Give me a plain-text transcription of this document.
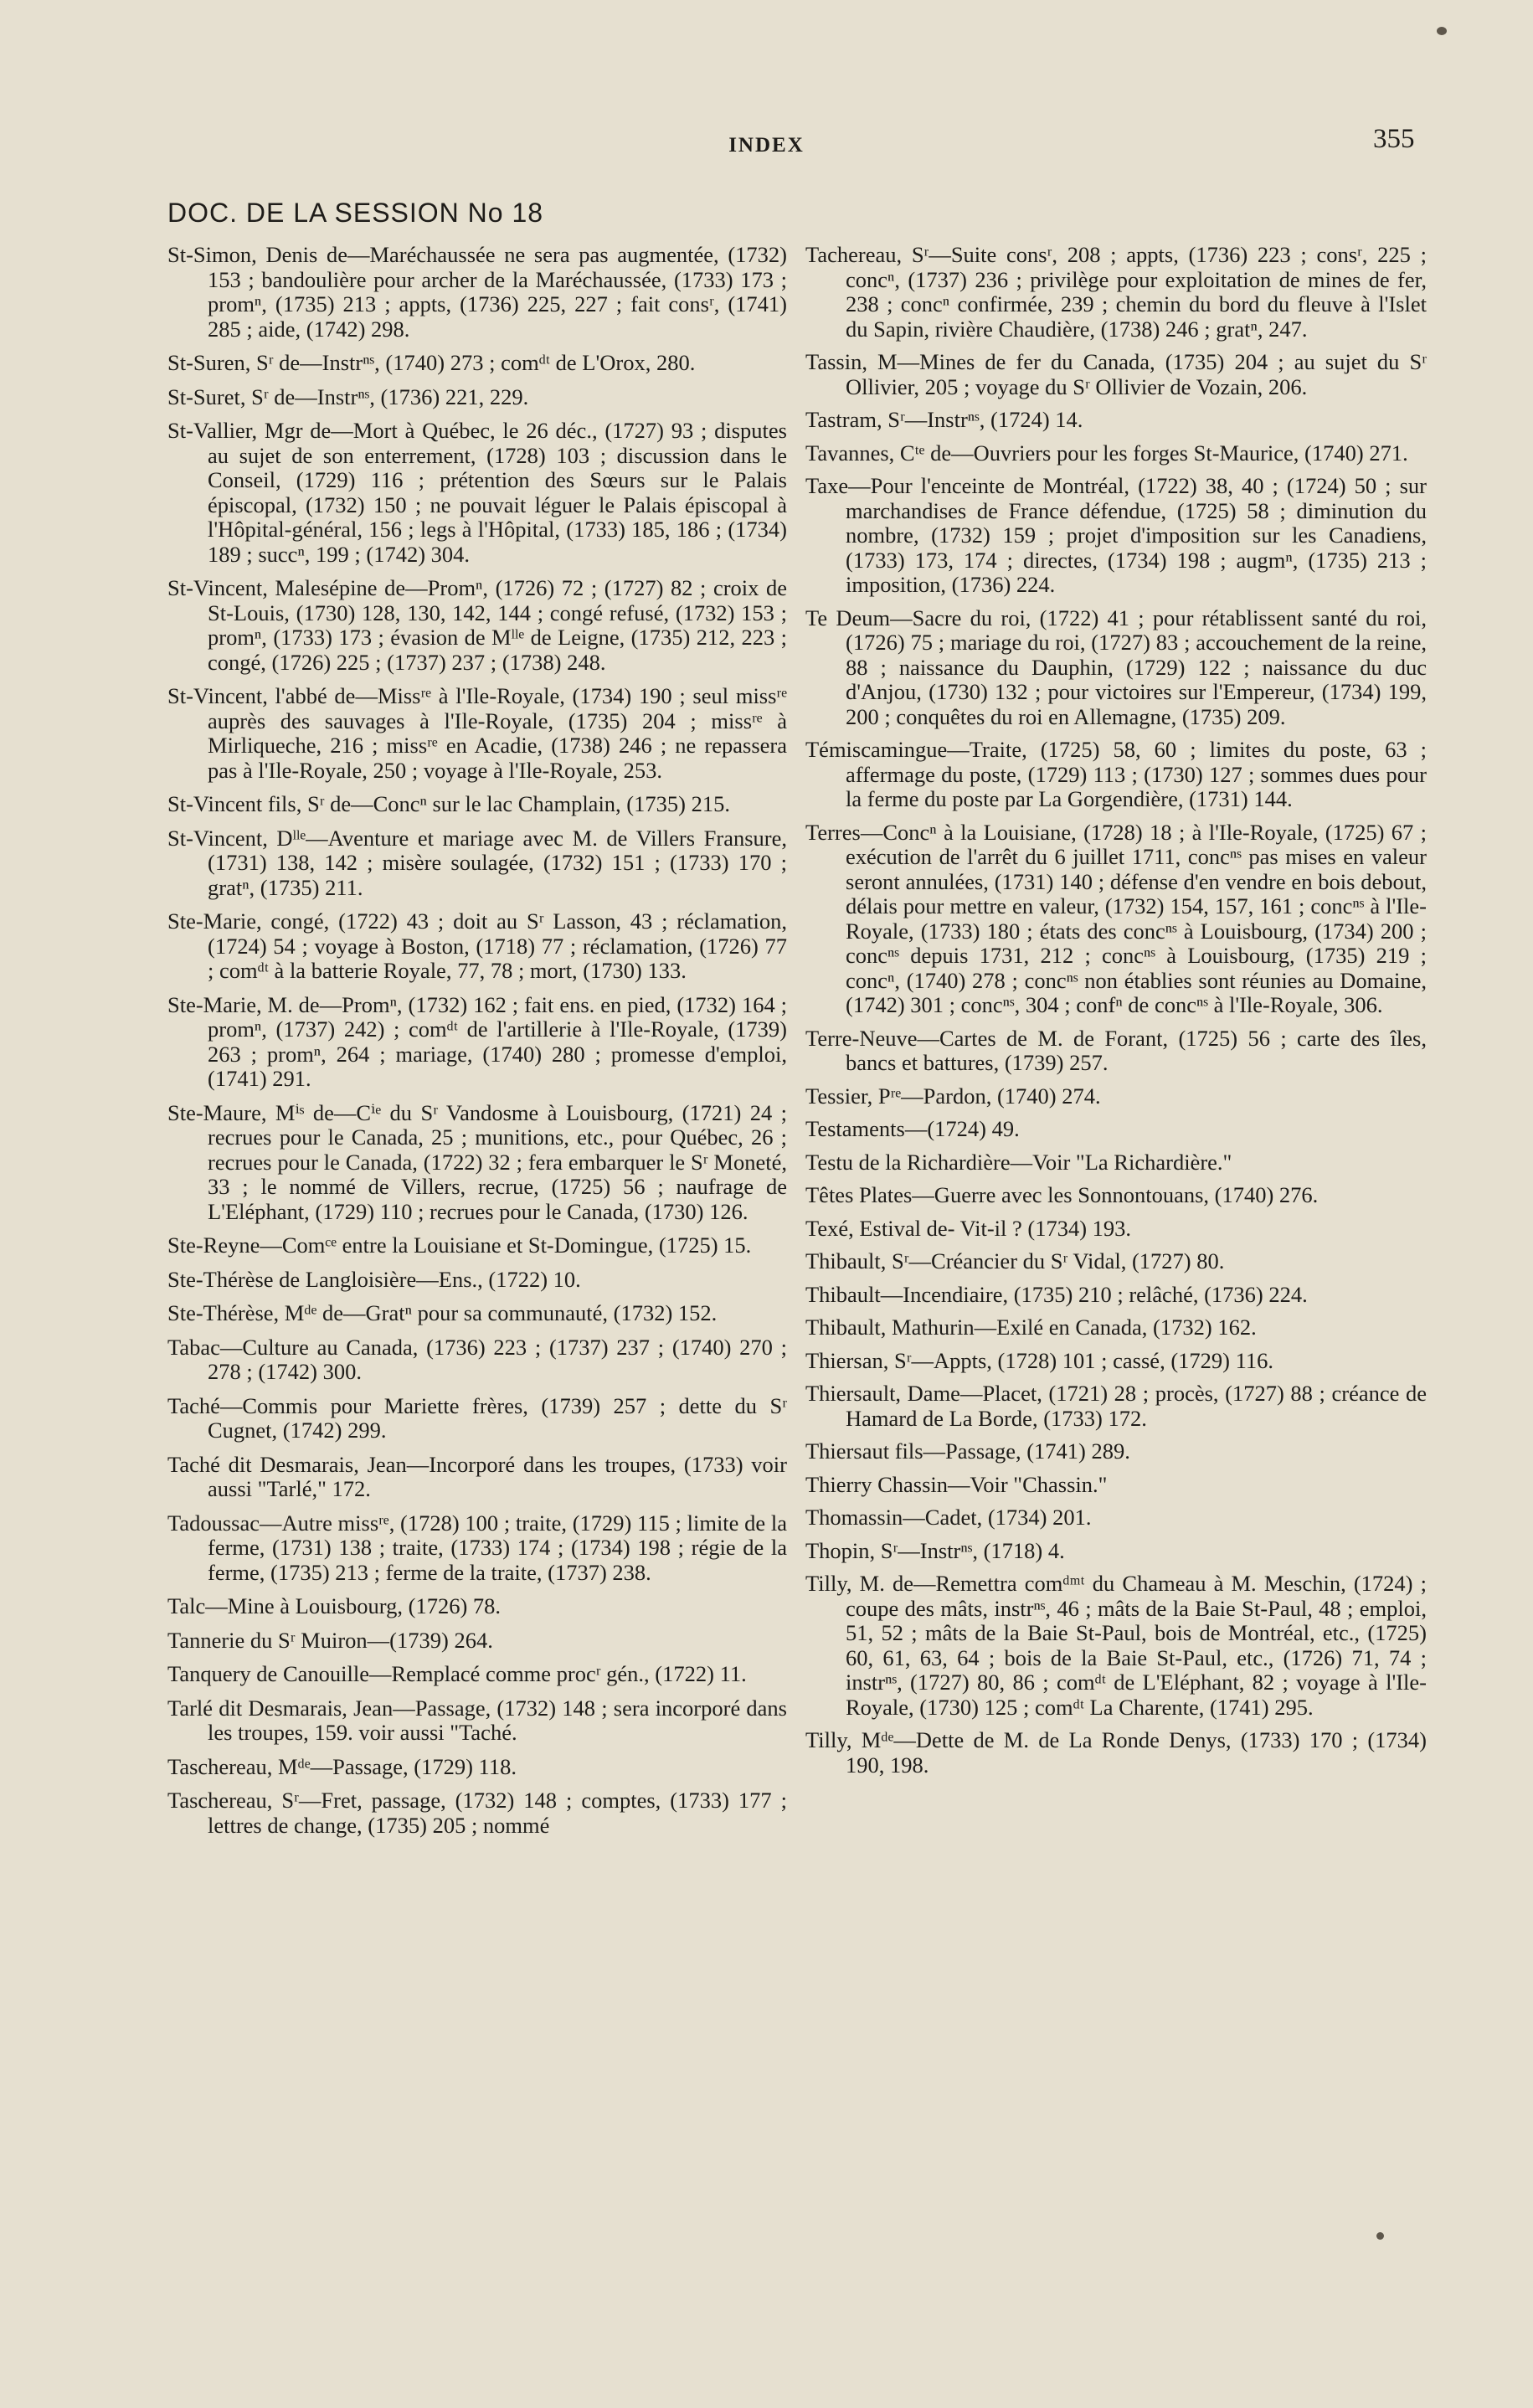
INDEX	355
DOC. DE LA SESSION No 18

St-Simon, Denis de—Maréchaussée ne sera pas augmentée, (1732) 153 ; bandoulière pour archer de la Maréchaussée, (1733) 173 ; promⁿ, (1735) 213 ; appts, (1736) 225, 227 ; fait consʳ, (1741) 285 ; aide, (1742) 298.

St-Suren, Sʳ de—Instrⁿˢ, (1740) 273 ; comᵈᵗ de L'Orox, 280.

St-Suret, Sʳ de—Instrⁿˢ, (1736) 221, 229.

St-Vallier, Mgr de—Mort à Québec, le 26 déc., (1727) 93 ; disputes au sujet de son enterrement, (1728) 103 ; discussion dans le Conseil, (1729) 116 ; prétention des Sœurs sur le Palais épiscopal, (1732) 150 ; ne pouvait léguer le Palais épiscopal à l'Hôpital-général, 156 ; legs à l'Hôpital, (1733) 185, 186 ; (1734) 189 ; succⁿ, 199 ; (1742) 304.

St-Vincent, Malesépine de—Promⁿ, (1726) 72 ; (1727) 82 ; croix de St-Louis, (1730) 128, 130, 142, 144 ; congé refusé, (1732) 153 ; promⁿ, (1733) 173 ; évasion de Mˡˡᵉ de Leigne, (1735) 212, 223 ; congé, (1726) 225 ; (1737) 237 ; (1738) 248.

St-Vincent, l'abbé de—Missʳᵉ à l'Ile-Royale, (1734) 190 ; seul missʳᵉ auprès des sauvages à l'Ile-Royale, (1735) 204 ; missʳᵉ à Mirliqueche, 216 ; missʳᵉ en Acadie, (1738) 246 ; ne repassera pas à l'Ile-Royale, 250 ; voyage à l'Ile-Royale, 253.

St-Vincent fils, Sʳ de—Concⁿ sur le lac Champlain, (1735) 215.

St-Vincent, Dˡˡᵉ—Aventure et mariage avec M. de Villers Fransure, (1731) 138, 142 ; misère soulagée, (1732) 151 ; (1733) 170 ; gratⁿ, (1735) 211.

Ste-Marie, congé, (1722) 43 ; doit au Sʳ Lasson, 43 ; réclamation, (1724) 54 ; voyage à Boston, (1718) 77 ; réclamation, (1726) 77 ; comᵈᵗ à la batterie Royale, 77, 78 ; mort, (1730) 133.

Ste-Marie, M. de—Promⁿ, (1732) 162 ; fait ens. en pied, (1732) 164 ; promⁿ, (1737) 242) ; comᵈᵗ de l'artillerie à l'Ile-Royale, (1739) 263 ; promⁿ, 264 ; mariage, (1740) 280 ; promesse d'emploi, (1741) 291.

Ste-Maure, Mⁱˢ de—Cⁱᵉ du Sʳ Vandosme à Louisbourg, (1721) 24 ; recrues pour le Canada, 25 ; munitions, etc., pour Québec, 26 ; recrues pour le Canada, (1722) 32 ; fera embarquer le Sʳ Moneté, 33 ; le nommé de Villers, recrue, (1725) 56 ; naufrage de L'Eléphant, (1729) 110 ; recrues pour le Canada, (1730) 126.

Ste-Reyne—Comᶜᵉ entre la Louisiane et St-Domingue, (1725) 15.

Ste-Thérèse de Langloisière—Ens., (1722) 10.

Ste-Thérèse, Mᵈᵉ de—Gratⁿ pour sa communauté, (1732) 152.

Tabac—Culture au Canada, (1736) 223 ; (1737) 237 ; (1740) 270 ; 278 ; (1742) 300.

Taché—Commis pour Mariette frères, (1739) 257 ; dette du Sʳ Cugnet, (1742) 299.

Taché dit Desmarais, Jean—Incorporé dans les troupes, (1733) voir aussi "Tarlé," 172.

Tadoussac—Autre missʳᵉ, (1728) 100 ; traite, (1729) 115 ; limite de la ferme, (1731) 138 ; traite, (1733) 174 ; (1734) 198 ; régie de la ferme, (1735) 213 ; ferme de la traite, (1737) 238.

Talc—Mine à Louisbourg, (1726) 78.

Tannerie du Sʳ Muiron—(1739) 264.

Tanquery de Canouille—Remplacé comme procʳ gén., (1722) 11.

Tarlé dit Desmarais, Jean—Passage, (1732) 148 ; sera incorporé dans les troupes, 159. voir aussi "Taché.

Taschereau, Mᵈᵉ—Passage, (1729) 118.

Taschereau, Sʳ—Fret, passage, (1732) 148 ; comptes, (1733) 177 ; lettres de change, (1735) 205 ; nommé

Tachereau, Sʳ—Suite consʳ, 208 ; appts, (1736) 223 ; consʳ, 225 ; concⁿ, (1737) 236 ; privilège pour exploitation de mines de fer, 238 ; concⁿ confirmée, 239 ; chemin du bord du fleuve à l'Islet du Sapin, rivière Chaudière, (1738) 246 ; gratⁿ, 247.

Tassin, M—Mines de fer du Canada, (1735) 204 ; au sujet du Sʳ Ollivier, 205 ; voyage du Sʳ Ollivier de Vozain, 206.

Tastram, Sʳ—Instrⁿˢ, (1724) 14.

Tavannes, Cᵗᵉ de—Ouvriers pour les forges St-Maurice, (1740) 271.

Taxe—Pour l'enceinte de Montréal, (1722) 38, 40 ; (1724) 50 ; sur marchandises de France défendue, (1725) 58 ; diminution du nombre, (1732) 159 ; projet d'imposition sur les Canadiens, (1733) 173, 174 ; directes, (1734) 198 ; augmⁿ, (1735) 213 ; imposition, (1736) 224.

Te Deum—Sacre du roi, (1722) 41 ; pour rétablissent santé du roi, (1726) 75 ; mariage du roi, (1727) 83 ; accouchement de la reine, 88 ; naissance du Dauphin, (1729) 122 ; naissance du duc d'Anjou, (1730) 132 ; pour victoires sur l'Empereur, (1734) 199, 200 ; conquêtes du roi en Allemagne, (1735) 209.

Témiscamingue—Traite, (1725) 58, 60 ; limites du poste, 63 ; affermage du poste, (1729) 113 ; (1730) 127 ; sommes dues pour la ferme du poste par La Gorgendière, (1731) 144.

Terres—Concⁿ à la Louisiane, (1728) 18 ; à l'Ile-Royale, (1725) 67 ; exécution de l'arrêt du 6 juillet 1711, concⁿˢ pas mises en valeur seront annulées, (1731) 140 ; défense d'en vendre en bois debout, délais pour mettre en valeur, (1732) 154, 157, 161 ; concⁿˢ à l'Ile-Royale, (1733) 180 ; états des concⁿˢ à Louisbourg, (1734) 200 ; concⁿˢ depuis 1731, 212 ; concⁿˢ à Louisbourg, (1735) 219 ; concⁿ, (1740) 278 ; concⁿˢ non établies sont réunies au Domaine, (1742) 301 ; concⁿˢ, 304 ; confⁿ de concⁿˢ à l'Ile-Royale, 306.

Terre-Neuve—Cartes de M. de Forant, (1725) 56 ; carte des îles, bancs et battures, (1739) 257.

Tessier, Pʳᵉ—Pardon, (1740) 274.

Testaments—(1724) 49.

Testu de la Richardière—Voir "La Richardière."

Têtes Plates—Guerre avec les Sonnontouans, (1740) 276.

Texé, Estival de- Vit-il ? (1734) 193.

Thibault, Sʳ—Créancier du Sʳ Vidal, (1727) 80.

Thibault—Incendiaire, (1735) 210 ; relâché, (1736) 224.

Thibault, Mathurin—Exilé en Canada, (1732) 162.

Thiersan, Sʳ—Appts, (1728) 101 ; cassé, (1729) 116.

Thiersault, Dame—Placet, (1721) 28 ; procès, (1727) 88 ; créance de Hamard de La Borde, (1733) 172.

Thiersaut fils—Passage, (1741) 289.

Thierry Chassin—Voir "Chassin."

Thomassin—Cadet, (1734) 201.

Thopin, Sʳ—Instrⁿˢ, (1718) 4.

Tilly, M. de—Remettra comᵈᵐᵗ du Chameau à M. Meschin, (1724) ; coupe des mâts, instrⁿˢ, 46 ; mâts de la Baie St-Paul, 48 ; emploi, 51, 52 ; mâts de la Baie St-Paul, bois de Montréal, etc., (1725) 60, 61, 63, 64 ; bois de la Baie St-Paul, etc., (1726) 71, 74 ; instrⁿˢ, (1727) 80, 86 ; comᵈᵗ de L'Eléphant, 82 ; voyage à l'Ile-Royale, (1730) 125 ; comᵈᵗ La Charente, (1741) 295.

Tilly, Mᵈᵉ—Dette de M. de La Ronde Denys, (1733) 170 ; (1734) 190, 198.
